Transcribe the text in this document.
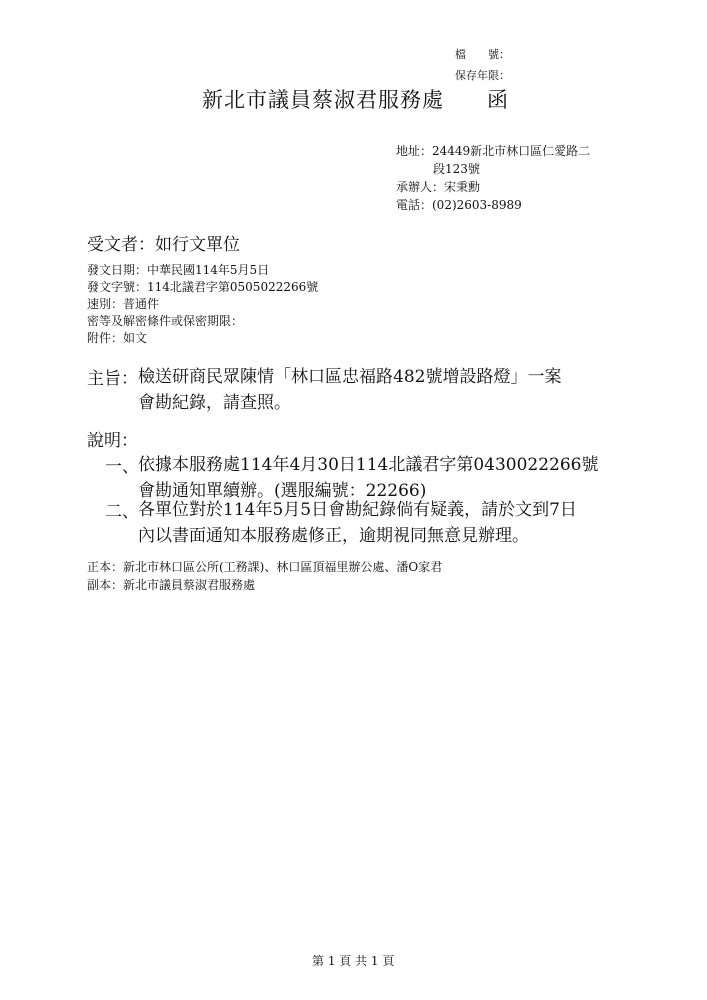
檔　　號：
保存年限：
新北市議員蔡淑君服務處 函
地址：24449新北市林口區仁愛路二
段123號
承辦人：宋秉勳
電話：(02)2603-8989
受文者：如行文單位
發文日期：中華民國114年5月5日
發文字號：114北議君字第0505022266號
速別：普通件
密等及解密條件或保密期限：
附件：如文
主旨： 檢送研商民眾陳情「林口區忠福路482號增設路燈」一案
會勘紀錄，請查照。
說明：
一、 依據本服務處114年4月30日114北議君字第0430022266號
會勘通知單續辦。(選服編號：22266)
二、 各單位對於114年5月5日會勘紀錄倘有疑義，請於文到7日
內以書面通知本服務處修正，逾期視同無意見辦理。
正本：新北市林口區公所(工務課)、林口區頂福里辦公處、潘O家君
副本：新北市議員蔡淑君服務處
第 1 頁 共 1 頁
